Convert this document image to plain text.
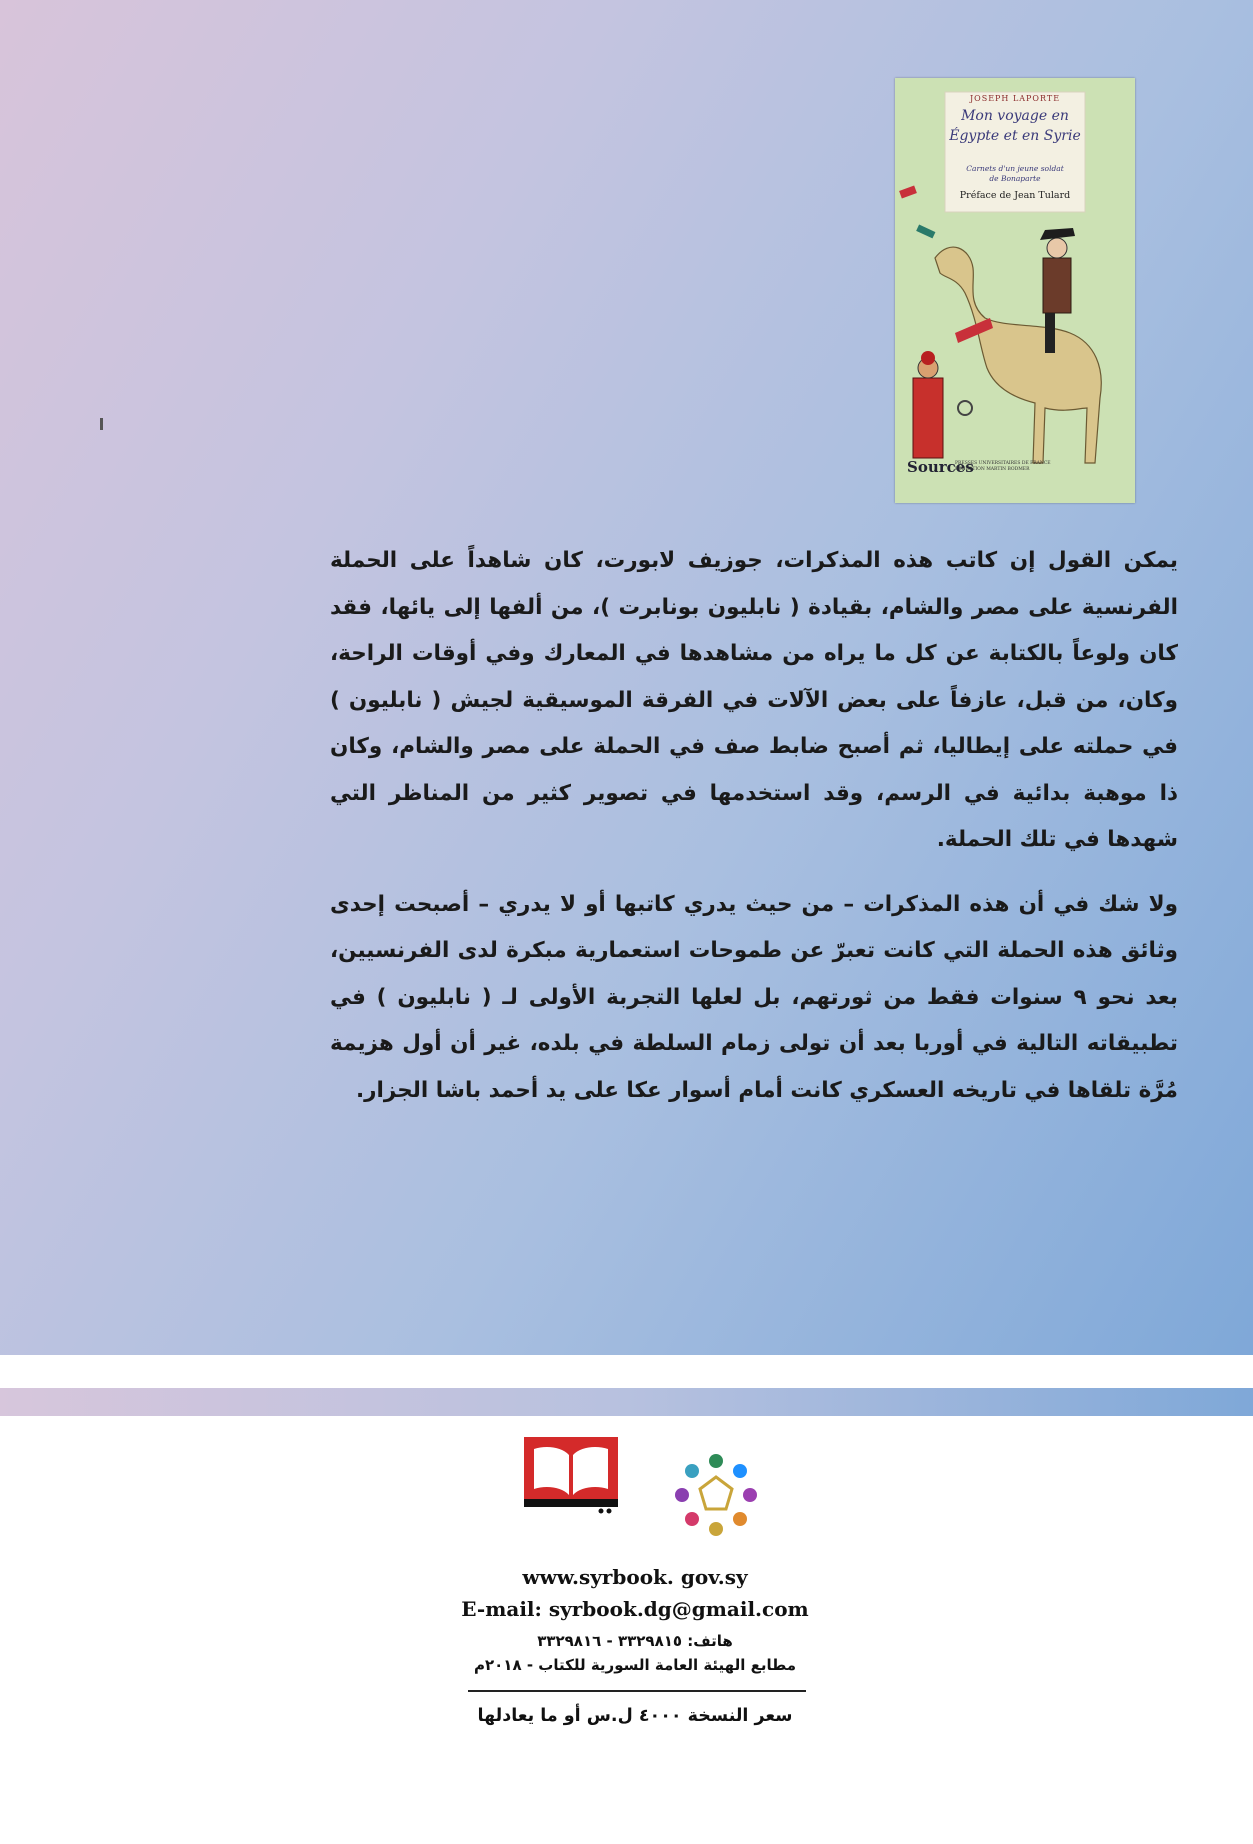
JOSEPH LAPORTE
Mon voyage en
Égypte et en Syrie
Carnets d'un jeune soldat
de Bonaparte
Préface de Jean Tulard
Sources
PRESSES UNIVERSITAIRES DE FRANCE
FONDATION MARTIN BODMER

يمكن القول إن كاتب هذه المذكرات، جوزيف لابورت، كان شاهداً على الحملة الفرنسية على مصر والشام، بقيادة ( نابليون بونابرت )، من ألفها إلى يائها، فقد كان ولوعاً بالكتابة عن كل ما يراه من مشاهدها في المعارك وفي أوقات الراحة، وكان، من قبل، عازفاً على بعض الآلات في الفرقة الموسيقية لجيش ( نابليون ) في حملته على إيطاليا، ثم أصبح ضابط صف في الحملة على مصر والشام، وكان ذا موهبة بدائية في الرسم، وقد استخدمها في تصوير كثير من المناظر التي شهدها في تلك الحملة.

ولا شك في أن هذه المذكرات – من حيث يدري كاتبها أو لا يدري – أصبحت إحدى وثائق هذه الحملة التي كانت تعبرّ عن طموحات استعمارية مبكرة لدى الفرنسيين، بعد نحو ٩ سنوات فقط من ثورتهم، بل لعلها التجربة الأولى لـ ( نابليون ) في تطبيقاته التالية في أوربا بعد أن تولى زمام السلطة في بلده، غير أن أول هزيمة مُرَّة تلقاها في تاريخه العسكري كانت أمام أسوار عكا على يد أحمد باشا الجزار.

www.syrbook. gov.sy
E-mail: syrbook.dg@gmail.com
هاتف: ٣٣٢٩٨١٥ - ٣٣٢٩٨١٦
مطابع الهيئة العامة السورية للكتاب - ٢٠١٨م
سعر النسخة ٤٠٠٠ ل.س أو ما يعادلها
